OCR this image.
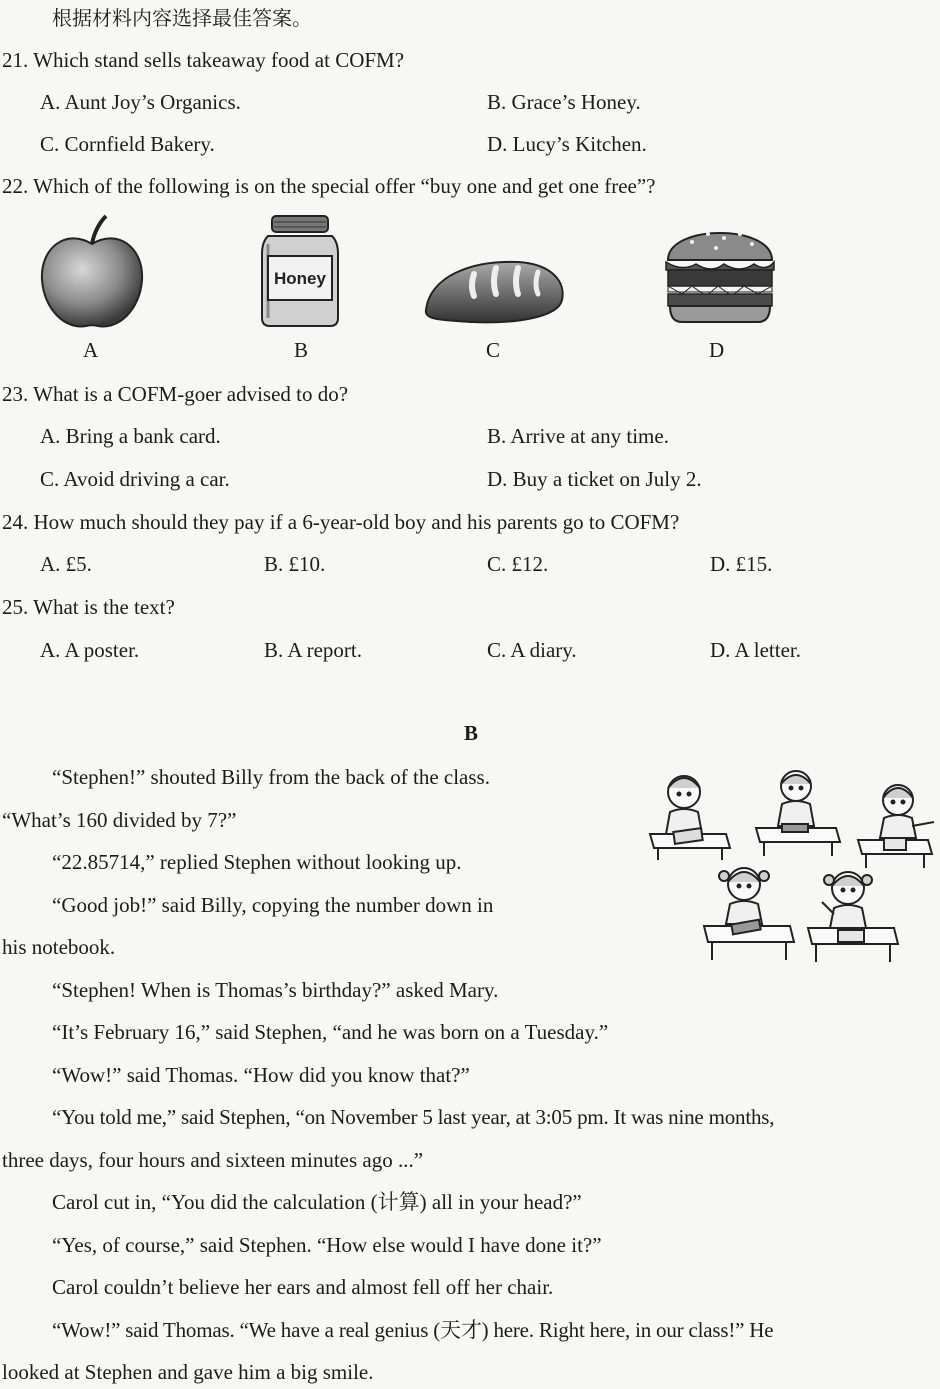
根据材料内容选择最佳答案。
21. Which stand sells takeaway food at COFM?
A. Aunt Joy’s Organics.	B. Grace’s Honey.
C. Cornfield Bakery.	D. Lucy’s Kitchen.
22. Which of the following is on the special offer “buy one and get one free”?
A
Honey
B	C	D
23. What is a COFM-goer advised to do?
A. Bring a bank card.	B. Arrive at any time.
C. Avoid driving a car.	D. Buy a ticket on July 2.
24. How much should they pay if a 6-year-old boy and his parents go to COFM?
A. £5.	B. £10.	C. £12.	D. £15.
25. What is the text?
A. A poster.	B. A report.	C. A diary.	D. A letter.
B
“Stephen!” shouted Billy from the back of the class.
“What’s 160 divided by 7?”
“22.85714,” replied Stephen without looking up.
“Good job!” said Billy, copying the number down in
his notebook.
“Stephen! When is Thomas’s birthday?” asked Mary.
“It’s February 16,” said Stephen, “and he was born on a Tuesday.”
“Wow!” said Thomas. “How did you know that?”
“You told me,” said Stephen, “on November 5 last year, at 3:05 pm. It was nine months,
three days, four hours and sixteen minutes ago ...”
Carol cut in, “You did the calculation (计算) all in your head?”
“Yes, of course,” said Stephen. “How else would I have done it?”
Carol couldn’t believe her ears and almost fell off her chair.
“Wow!” said Thomas. “We have a real genius (天才) here. Right here, in our class!” He
looked at Stephen and gave him a big smile.
